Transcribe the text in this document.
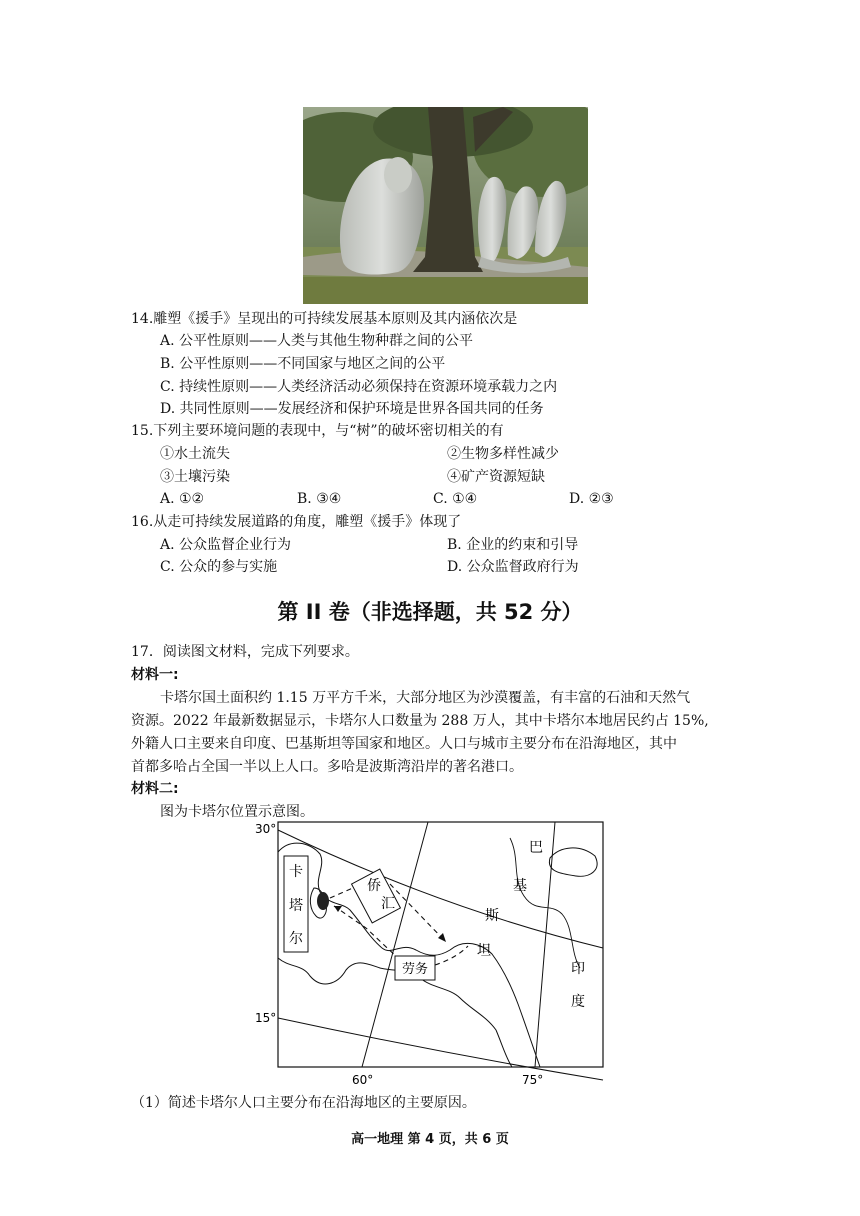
14.雕塑《援手》呈现出的可持续发展基本原则及其内涵依次是
A. 公平性原则——人类与其他生物种群之间的公平
B. 公平性原则——不同国家与地区之间的公平
C. 持续性原则——人类经济活动必须保持在资源环境承载力之内
D. 共同性原则——发展经济和保护环境是世界各国共同的任务
15.下列主要环境问题的表现中，与“树”的破坏密切相关的有
①水土流失	②生物多样性减少
③土壤污染	④矿产资源短缺
A. ①②	B. ③④	C. ①④	D. ②③
16.从走可持续发展道路的角度，雕塑《援手》体现了
A. 公众监督企业行为	B. 企业的约束和引导
C. 公众的参与实施	D. 公众监督政府行为
第 II 卷（非选择题，共 52 分）
17．阅读图文材料，完成下列要求。
材料一:
卡塔尔国土面积约 1.15 万平方千米，大部分地区为沙漠覆盖，有丰富的石油和天然气
资源。2022 年最新数据显示，卡塔尔人口数量为 288 万人，其中卡塔尔本地居民约占 15%,
外籍人口主要来自印度、巴基斯坦等国家和地区。人口与城市主要分布在沿海地区，其中
首都多哈占全国一半以上人口。多哈是波斯湾沿岸的著名港口。
材料二:
图为卡塔尔位置示意图。
卡
塔
尔
侨
汇
劳务
巴
基
斯
坦
印
度
30°
15°
60°	75°
（1）简述卡塔尔人口主要分布在沿海地区的主要原因。
高一地理 第 4 页，共 6 页
